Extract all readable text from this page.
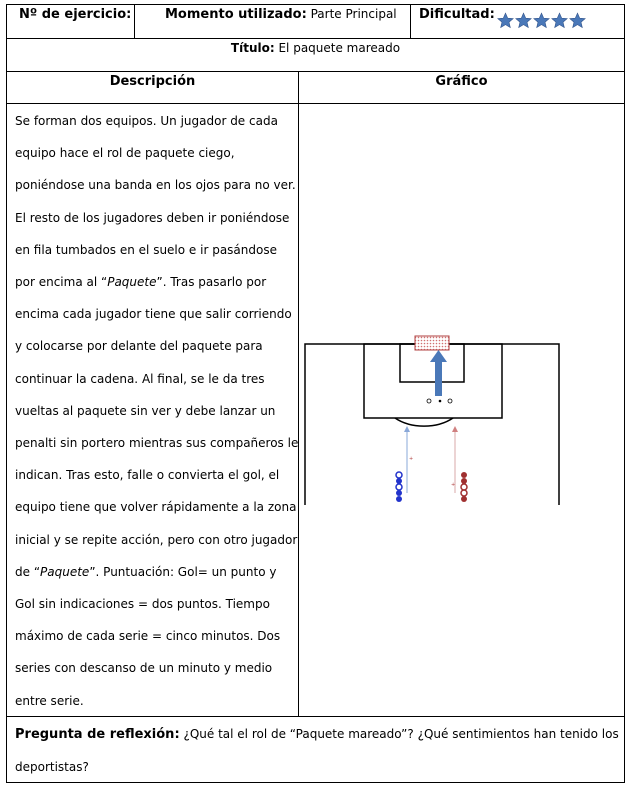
Nº de ejercicio:	Momento utilizado: Parte Principal Dificultad:
Título: El paquete mareado
Descripción	Gráfico

Se forman dos equipos. Un jugador de cada

equipo hace el rol de paquete ciego,

poniéndose una banda en los ojos para no ver.

El resto de los jugadores deben ir poniéndose

en fila tumbados en el suelo e ir pasándose

por encima al “Paquete”. Tras pasarlo por

encima cada jugador tiene que salir corriendo

y colocarse por delante del paquete para

continuar la cadena. Al final, se le da tres

vueltas al paquete sin ver y debe lanzar un

penalti sin portero mientras sus compañeros le

indican. Tras esto, falle o convierta el gol, el

equipo tiene que volver rápidamente a la zona

inicial y se repite acción, pero con otro jugador

de “Paquete”. Puntuación: Gol= un punto y

Gol sin indicaciones = dos puntos. Tiempo

máximo de cada serie = cinco minutos. Dos

series con descanso de un minuto y medio

entre serie.

+
+
Pregunta de reflexión: ¿Qué tal el rol de “Paquete mareado”? ¿Qué sentimientos han tenido los deportistas?
